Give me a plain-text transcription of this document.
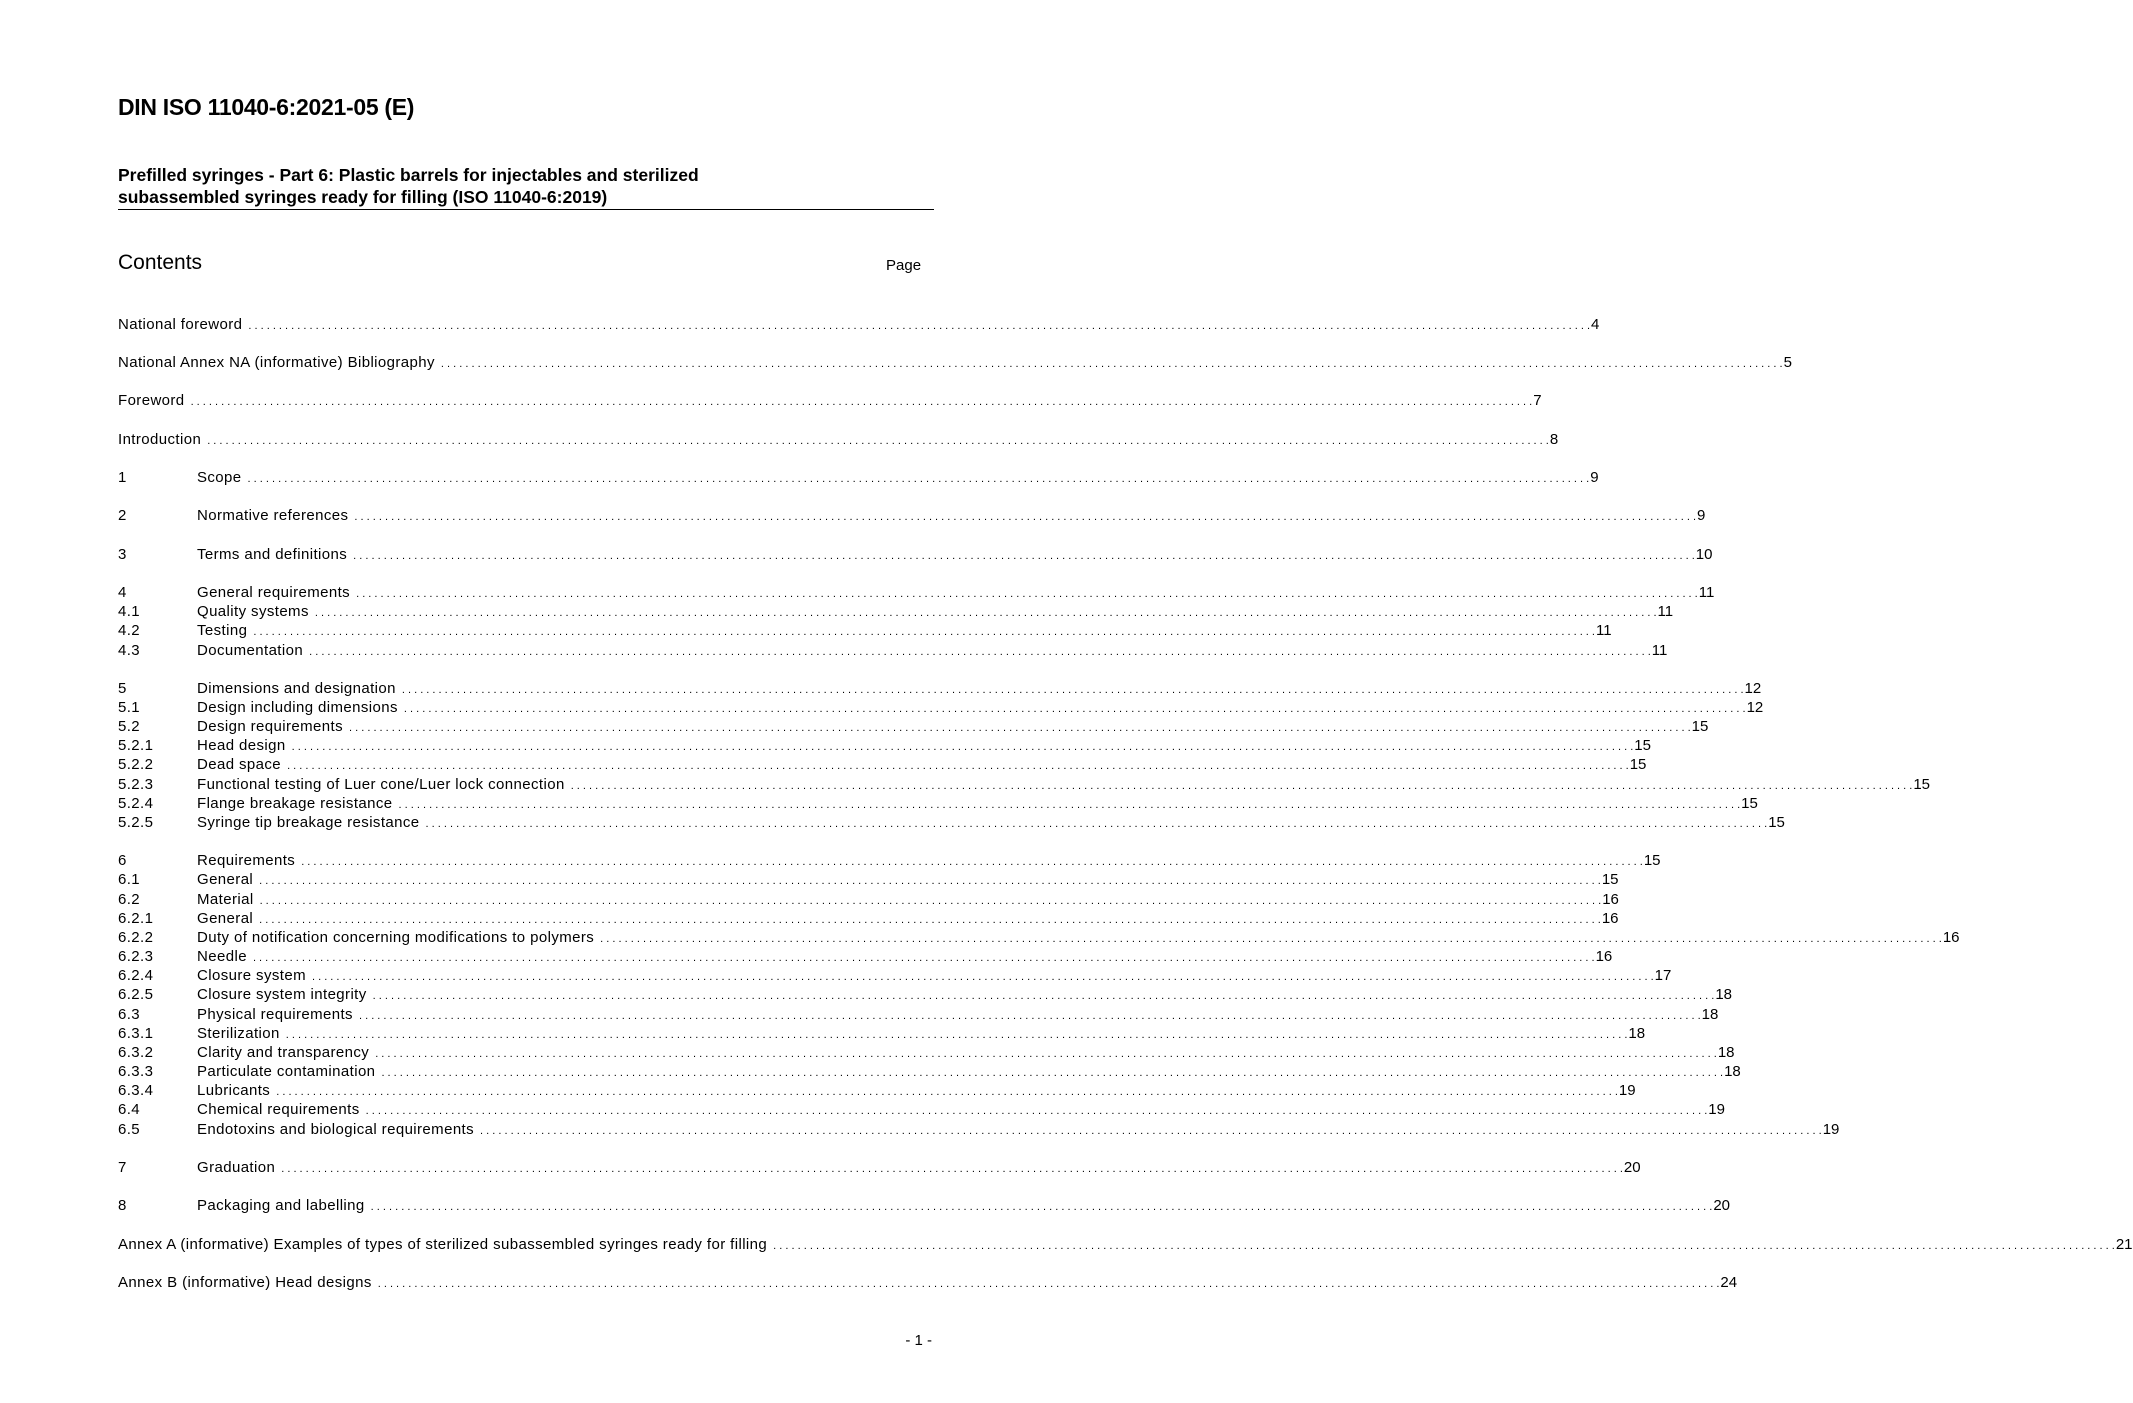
DIN ISO 11040-6:2021-05 (E)
Prefilled syringes - Part 6: Plastic barrels for injectables and sterilized
subassembled syringes ready for filling (ISO 11040-6:2019)
Contents	Page
National foreword . . . . . . . . . . . . . . . . . . . . . . . . . . . . . . . . . . . . . . . . . . . . . . . . . . . . . . . . . . . . . . . . . . . . . . . . . . . . . . . . . . . . . . . . . . . . . . . . . . . . . . . . . . . . . . . . . . . . . . . . . . . . . . . . . . . . . . . . . . . . . . . . . . . . . . . . . . . . . . . . . . . . . . . . . . . . . . . . . . . . . . . . . . . . . . . . . . . . . . . . . . . . . . . . . . . . . . . . . . . . 4
National Annex NA (informative) Bibliography . . . . . . . . . . . . . . . . . . . . . . . . . . . . . . . . . . . . . . . . . . . . . . . . . . . . . . . . . . . . . . . . . . . . . . . . . . . . . . . . . . . . . . . . . . . . . . . . . . . . . . . . . . . . . . . . . . . . . . . . . . . . . . . . . . . . . . . . . . . . . . . . . . . . . . . . . . . . . . . . . . . . . . . . . . . . . . . . . . . . . . . . . . . . . . . . . . . . . . . . . . . . . . . . . . . . . . . . . . . . 5
Foreword . . . . . . . . . . . . . . . . . . . . . . . . . . . . . . . . . . . . . . . . . . . . . . . . . . . . . . . . . . . . . . . . . . . . . . . . . . . . . . . . . . . . . . . . . . . . . . . . . . . . . . . . . . . . . . . . . . . . . . . . . . . . . . . . . . . . . . . . . . . . . . . . . . . . . . . . . . . . . . . . . . . . . . . . . . . . . . . . . . . . . . . . . . . . . . . . . . . . . . . . . . . . . . . . . . . . . . . . . . . . 7
Introduction . . . . . . . . . . . . . . . . . . . . . . . . . . . . . . . . . . . . . . . . . . . . . . . . . . . . . . . . . . . . . . . . . . . . . . . . . . . . . . . . . . . . . . . . . . . . . . . . . . . . . . . . . . . . . . . . . . . . . . . . . . . . . . . . . . . . . . . . . . . . . . . . . . . . . . . . . . . . . . . . . . . . . . . . . . . . . . . . . . . . . . . . . . . . . . . . . . . . . . . . . . . . . . . . . . . . . . . . . . . . 8
1	Scope . . . . . . . . . . . . . . . . . . . . . . . . . . . . . . . . . . . . . . . . . . . . . . . . . . . . . . . . . . . . . . . . . . . . . . . . . . . . . . . . . . . . . . . . . . . . . . . . . . . . . . . . . . . . . . . . . . . . . . . . . . . . . . . . . . . . . . . . . . . . . . . . . . . . . . . . . . . . . . . . . . . . . . . . . . . . . . . . . . . . . . . . . . . . . . . . . . . . . . . . . . . . . . . . . . . . . . . . . . . . 9
2	Normative references . . . . . . . . . . . . . . . . . . . . . . . . . . . . . . . . . . . . . . . . . . . . . . . . . . . . . . . . . . . . . . . . . . . . . . . . . . . . . . . . . . . . . . . . . . . . . . . . . . . . . . . . . . . . . . . . . . . . . . . . . . . . . . . . . . . . . . . . . . . . . . . . . . . . . . . . . . . . . . . . . . . . . . . . . . . . . . . . . . . . . . . . . . . . . . . . . . . . . . . . . . . . . . . . . . . . . . . . . . . . 9
3	Terms and definitions . . . . . . . . . . . . . . . . . . . . . . . . . . . . . . . . . . . . . . . . . . . . . . . . . . . . . . . . . . . . . . . . . . . . . . . . . . . . . . . . . . . . . . . . . . . . . . . . . . . . . . . . . . . . . . . . . . . . . . . . . . . . . . . . . . . . . . . . . . . . . . . . . . . . . . . . . . . . . . . . . . . . . . . . . . . . . . . . . . . . . . . . . . . . . . . . . . . . . . . . . . . . . . . . . . . . . . . . . . . . 10
4	General requirements . . . . . . . . . . . . . . . . . . . . . . . . . . . . . . . . . . . . . . . . . . . . . . . . . . . . . . . . . . . . . . . . . . . . . . . . . . . . . . . . . . . . . . . . . . . . . . . . . . . . . . . . . . . . . . . . . . . . . . . . . . . . . . . . . . . . . . . . . . . . . . . . . . . . . . . . . . . . . . . . . . . . . . . . . . . . . . . . . . . . . . . . . . . . . . . . . . . . . . . . . . . . . . . . . . . . . . . . . . . . 11
4.1	Quality systems . . . . . . . . . . . . . . . . . . . . . . . . . . . . . . . . . . . . . . . . . . . . . . . . . . . . . . . . . . . . . . . . . . . . . . . . . . . . . . . . . . . . . . . . . . . . . . . . . . . . . . . . . . . . . . . . . . . . . . . . . . . . . . . . . . . . . . . . . . . . . . . . . . . . . . . . . . . . . . . . . . . . . . . . . . . . . . . . . . . . . . . . . . . . . . . . . . . . . . . . . . . . . . . . . . . . . . . . . . . . 11
4.2	Testing . . . . . . . . . . . . . . . . . . . . . . . . . . . . . . . . . . . . . . . . . . . . . . . . . . . . . . . . . . . . . . . . . . . . . . . . . . . . . . . . . . . . . . . . . . . . . . . . . . . . . . . . . . . . . . . . . . . . . . . . . . . . . . . . . . . . . . . . . . . . . . . . . . . . . . . . . . . . . . . . . . . . . . . . . . . . . . . . . . . . . . . . . . . . . . . . . . . . . . . . . . . . . . . . . . . . . . . . . . . . 11
4.3	Documentation . . . . . . . . . . . . . . . . . . . . . . . . . . . . . . . . . . . . . . . . . . . . . . . . . . . . . . . . . . . . . . . . . . . . . . . . . . . . . . . . . . . . . . . . . . . . . . . . . . . . . . . . . . . . . . . . . . . . . . . . . . . . . . . . . . . . . . . . . . . . . . . . . . . . . . . . . . . . . . . . . . . . . . . . . . . . . . . . . . . . . . . . . . . . . . . . . . . . . . . . . . . . . . . . . . . . . . . . . . . . 11
5	Dimensions and designation . . . . . . . . . . . . . . . . . . . . . . . . . . . . . . . . . . . . . . . . . . . . . . . . . . . . . . . . . . . . . . . . . . . . . . . . . . . . . . . . . . . . . . . . . . . . . . . . . . . . . . . . . . . . . . . . . . . . . . . . . . . . . . . . . . . . . . . . . . . . . . . . . . . . . . . . . . . . . . . . . . . . . . . . . . . . . . . . . . . . . . . . . . . . . . . . . . . . . . . . . . . . . . . . . . . . . . . . . . . . 12
5.1	Design including dimensions . . . . . . . . . . . . . . . . . . . . . . . . . . . . . . . . . . . . . . . . . . . . . . . . . . . . . . . . . . . . . . . . . . . . . . . . . . . . . . . . . . . . . . . . . . . . . . . . . . . . . . . . . . . . . . . . . . . . . . . . . . . . . . . . . . . . . . . . . . . . . . . . . . . . . . . . . . . . . . . . . . . . . . . . . . . . . . . . . . . . . . . . . . . . . . . . . . . . . . . . . . . . . . . . . . . . . . . . . . . . 12
5.2	Design requirements . . . . . . . . . . . . . . . . . . . . . . . . . . . . . . . . . . . . . . . . . . . . . . . . . . . . . . . . . . . . . . . . . . . . . . . . . . . . . . . . . . . . . . . . . . . . . . . . . . . . . . . . . . . . . . . . . . . . . . . . . . . . . . . . . . . . . . . . . . . . . . . . . . . . . . . . . . . . . . . . . . . . . . . . . . . . . . . . . . . . . . . . . . . . . . . . . . . . . . . . . . . . . . . . . . . . . . . . . . . . 15
5.2.1	Head design . . . . . . . . . . . . . . . . . . . . . . . . . . . . . . . . . . . . . . . . . . . . . . . . . . . . . . . . . . . . . . . . . . . . . . . . . . . . . . . . . . . . . . . . . . . . . . . . . . . . . . . . . . . . . . . . . . . . . . . . . . . . . . . . . . . . . . . . . . . . . . . . . . . . . . . . . . . . . . . . . . . . . . . . . . . . . . . . . . . . . . . . . . . . . . . . . . . . . . . . . . . . . . . . . . . . . . . . . . . . 15
5.2.2	Dead space . . . . . . . . . . . . . . . . . . . . . . . . . . . . . . . . . . . . . . . . . . . . . . . . . . . . . . . . . . . . . . . . . . . . . . . . . . . . . . . . . . . . . . . . . . . . . . . . . . . . . . . . . . . . . . . . . . . . . . . . . . . . . . . . . . . . . . . . . . . . . . . . . . . . . . . . . . . . . . . . . . . . . . . . . . . . . . . . . . . . . . . . . . . . . . . . . . . . . . . . . . . . . . . . . . . . . . . . . . . . 15
5.2.3	Functional testing of Luer cone/Luer lock connection . . . . . . . . . . . . . . . . . . . . . . . . . . . . . . . . . . . . . . . . . . . . . . . . . . . . . . . . . . . . . . . . . . . . . . . . . . . . . . . . . . . . . . . . . . . . . . . . . . . . . . . . . . . . . . . . . . . . . . . . . . . . . . . . . . . . . . . . . . . . . . . . . . . . . . . . . . . . . . . . . . . . . . . . . . . . . . . . . . . . . . . . . . . . . . . . . . . . . . . . . . . . . . . . . . . . . . . . . . . . 15
5.2.4	Flange breakage resistance . . . . . . . . . . . . . . . . . . . . . . . . . . . . . . . . . . . . . . . . . . . . . . . . . . . . . . . . . . . . . . . . . . . . . . . . . . . . . . . . . . . . . . . . . . . . . . . . . . . . . . . . . . . . . . . . . . . . . . . . . . . . . . . . . . . . . . . . . . . . . . . . . . . . . . . . . . . . . . . . . . . . . . . . . . . . . . . . . . . . . . . . . . . . . . . . . . . . . . . . . . . . . . . . . . . . . . . . . . . . 15
5.2.5	Syringe tip breakage resistance . . . . . . . . . . . . . . . . . . . . . . . . . . . . . . . . . . . . . . . . . . . . . . . . . . . . . . . . . . . . . . . . . . . . . . . . . . . . . . . . . . . . . . . . . . . . . . . . . . . . . . . . . . . . . . . . . . . . . . . . . . . . . . . . . . . . . . . . . . . . . . . . . . . . . . . . . . . . . . . . . . . . . . . . . . . . . . . . . . . . . . . . . . . . . . . . . . . . . . . . . . . . . . . . . . . . . . . . . . . . 15
6	Requirements . . . . . . . . . . . . . . . . . . . . . . . . . . . . . . . . . . . . . . . . . . . . . . . . . . . . . . . . . . . . . . . . . . . . . . . . . . . . . . . . . . . . . . . . . . . . . . . . . . . . . . . . . . . . . . . . . . . . . . . . . . . . . . . . . . . . . . . . . . . . . . . . . . . . . . . . . . . . . . . . . . . . . . . . . . . . . . . . . . . . . . . . . . . . . . . . . . . . . . . . . . . . . . . . . . . . . . . . . . . . 15
6.1	General . . . . . . . . . . . . . . . . . . . . . . . . . . . . . . . . . . . . . . . . . . . . . . . . . . . . . . . . . . . . . . . . . . . . . . . . . . . . . . . . . . . . . . . . . . . . . . . . . . . . . . . . . . . . . . . . . . . . . . . . . . . . . . . . . . . . . . . . . . . . . . . . . . . . . . . . . . . . . . . . . . . . . . . . . . . . . . . . . . . . . . . . . . . . . . . . . . . . . . . . . . . . . . . . . . . . . . . . . . . . 15
6.2	Material . . . . . . . . . . . . . . . . . . . . . . . . . . . . . . . . . . . . . . . . . . . . . . . . . . . . . . . . . . . . . . . . . . . . . . . . . . . . . . . . . . . . . . . . . . . . . . . . . . . . . . . . . . . . . . . . . . . . . . . . . . . . . . . . . . . . . . . . . . . . . . . . . . . . . . . . . . . . . . . . . . . . . . . . . . . . . . . . . . . . . . . . . . . . . . . . . . . . . . . . . . . . . . . . . . . . . . . . . . . . 16
6.2.1	General . . . . . . . . . . . . . . . . . . . . . . . . . . . . . . . . . . . . . . . . . . . . . . . . . . . . . . . . . . . . . . . . . . . . . . . . . . . . . . . . . . . . . . . . . . . . . . . . . . . . . . . . . . . . . . . . . . . . . . . . . . . . . . . . . . . . . . . . . . . . . . . . . . . . . . . . . . . . . . . . . . . . . . . . . . . . . . . . . . . . . . . . . . . . . . . . . . . . . . . . . . . . . . . . . . . . . . . . . . . . 16
6.2.2	Duty of notification concerning modifications to polymers . . . . . . . . . . . . . . . . . . . . . . . . . . . . . . . . . . . . . . . . . . . . . . . . . . . . . . . . . . . . . . . . . . . . . . . . . . . . . . . . . . . . . . . . . . . . . . . . . . . . . . . . . . . . . . . . . . . . . . . . . . . . . . . . . . . . . . . . . . . . . . . . . . . . . . . . . . . . . . . . . . . . . . . . . . . . . . . . . . . . . . . . . . . . . . . . . . . . . . . . . . . . . . . . . . . . . . . . . . . . 16
6.2.3	Needle . . . . . . . . . . . . . . . . . . . . . . . . . . . . . . . . . . . . . . . . . . . . . . . . . . . . . . . . . . . . . . . . . . . . . . . . . . . . . . . . . . . . . . . . . . . . . . . . . . . . . . . . . . . . . . . . . . . . . . . . . . . . . . . . . . . . . . . . . . . . . . . . . . . . . . . . . . . . . . . . . . . . . . . . . . . . . . . . . . . . . . . . . . . . . . . . . . . . . . . . . . . . . . . . . . . . . . . . . . . . 16
6.2.4	Closure system . . . . . . . . . . . . . . . . . . . . . . . . . . . . . . . . . . . . . . . . . . . . . . . . . . . . . . . . . . . . . . . . . . . . . . . . . . . . . . . . . . . . . . . . . . . . . . . . . . . . . . . . . . . . . . . . . . . . . . . . . . . . . . . . . . . . . . . . . . . . . . . . . . . . . . . . . . . . . . . . . . . . . . . . . . . . . . . . . . . . . . . . . . . . . . . . . . . . . . . . . . . . . . . . . . . . . . . . . . . . 17
6.2.5	Closure system integrity . . . . . . . . . . . . . . . . . . . . . . . . . . . . . . . . . . . . . . . . . . . . . . . . . . . . . . . . . . . . . . . . . . . . . . . . . . . . . . . . . . . . . . . . . . . . . . . . . . . . . . . . . . . . . . . . . . . . . . . . . . . . . . . . . . . . . . . . . . . . . . . . . . . . . . . . . . . . . . . . . . . . . . . . . . . . . . . . . . . . . . . . . . . . . . . . . . . . . . . . . . . . . . . . . . . . . . . . . . . . 18
6.3	Physical requirements . . . . . . . . . . . . . . . . . . . . . . . . . . . . . . . . . . . . . . . . . . . . . . . . . . . . . . . . . . . . . . . . . . . . . . . . . . . . . . . . . . . . . . . . . . . . . . . . . . . . . . . . . . . . . . . . . . . . . . . . . . . . . . . . . . . . . . . . . . . . . . . . . . . . . . . . . . . . . . . . . . . . . . . . . . . . . . . . . . . . . . . . . . . . . . . . . . . . . . . . . . . . . . . . . . . . . . . . . . . . 18
6.3.1	Sterilization . . . . . . . . . . . . . . . . . . . . . . . . . . . . . . . . . . . . . . . . . . . . . . . . . . . . . . . . . . . . . . . . . . . . . . . . . . . . . . . . . . . . . . . . . . . . . . . . . . . . . . . . . . . . . . . . . . . . . . . . . . . . . . . . . . . . . . . . . . . . . . . . . . . . . . . . . . . . . . . . . . . . . . . . . . . . . . . . . . . . . . . . . . . . . . . . . . . . . . . . . . . . . . . . . . . . . . . . . . . . 18
6.3.2	Clarity and transparency . . . . . . . . . . . . . . . . . . . . . . . . . . . . . . . . . . . . . . . . . . . . . . . . . . . . . . . . . . . . . . . . . . . . . . . . . . . . . . . . . . . . . . . . . . . . . . . . . . . . . . . . . . . . . . . . . . . . . . . . . . . . . . . . . . . . . . . . . . . . . . . . . . . . . . . . . . . . . . . . . . . . . . . . . . . . . . . . . . . . . . . . . . . . . . . . . . . . . . . . . . . . . . . . . . . . . . . . . . . . 18
6.3.3	Particulate contamination . . . . . . . . . . . . . . . . . . . . . . . . . . . . . . . . . . . . . . . . . . . . . . . . . . . . . . . . . . . . . . . . . . . . . . . . . . . . . . . . . . . . . . . . . . . . . . . . . . . . . . . . . . . . . . . . . . . . . . . . . . . . . . . . . . . . . . . . . . . . . . . . . . . . . . . . . . . . . . . . . . . . . . . . . . . . . . . . . . . . . . . . . . . . . . . . . . . . . . . . . . . . . . . . . . . . . . . . . . . . 18
6.3.4	Lubricants . . . . . . . . . . . . . . . . . . . . . . . . . . . . . . . . . . . . . . . . . . . . . . . . . . . . . . . . . . . . . . . . . . . . . . . . . . . . . . . . . . . . . . . . . . . . . . . . . . . . . . . . . . . . . . . . . . . . . . . . . . . . . . . . . . . . . . . . . . . . . . . . . . . . . . . . . . . . . . . . . . . . . . . . . . . . . . . . . . . . . . . . . . . . . . . . . . . . . . . . . . . . . . . . . . . . . . . . . . . . 19
6.4	Chemical requirements . . . . . . . . . . . . . . . . . . . . . . . . . . . . . . . . . . . . . . . . . . . . . . . . . . . . . . . . . . . . . . . . . . . . . . . . . . . . . . . . . . . . . . . . . . . . . . . . . . . . . . . . . . . . . . . . . . . . . . . . . . . . . . . . . . . . . . . . . . . . . . . . . . . . . . . . . . . . . . . . . . . . . . . . . . . . . . . . . . . . . . . . . . . . . . . . . . . . . . . . . . . . . . . . . . . . . . . . . . . . 19
6.5	Endotoxins and biological requirements . . . . . . . . . . . . . . . . . . . . . . . . . . . . . . . . . . . . . . . . . . . . . . . . . . . . . . . . . . . . . . . . . . . . . . . . . . . . . . . . . . . . . . . . . . . . . . . . . . . . . . . . . . . . . . . . . . . . . . . . . . . . . . . . . . . . . . . . . . . . . . . . . . . . . . . . . . . . . . . . . . . . . . . . . . . . . . . . . . . . . . . . . . . . . . . . . . . . . . . . . . . . . . . . . . . . . . . . . . . . 19
7	Graduation . . . . . . . . . . . . . . . . . . . . . . . . . . . . . . . . . . . . . . . . . . . . . . . . . . . . . . . . . . . . . . . . . . . . . . . . . . . . . . . . . . . . . . . . . . . . . . . . . . . . . . . . . . . . . . . . . . . . . . . . . . . . . . . . . . . . . . . . . . . . . . . . . . . . . . . . . . . . . . . . . . . . . . . . . . . . . . . . . . . . . . . . . . . . . . . . . . . . . . . . . . . . . . . . . . . . . . . . . . . . 20
8	Packaging and labelling . . . . . . . . . . . . . . . . . . . . . . . . . . . . . . . . . . . . . . . . . . . . . . . . . . . . . . . . . . . . . . . . . . . . . . . . . . . . . . . . . . . . . . . . . . . . . . . . . . . . . . . . . . . . . . . . . . . . . . . . . . . . . . . . . . . . . . . . . . . . . . . . . . . . . . . . . . . . . . . . . . . . . . . . . . . . . . . . . . . . . . . . . . . . . . . . . . . . . . . . . . . . . . . . . . . . . . . . . . . . 20
Annex A (informative) Examples of types of sterilized subassembled syringes ready for filling . . . . . . . . . . . . . . . . . . . . . . . . . . . . . . . . . . . . . . . . . . . . . . . . . . . . . . . . . . . . . . . . . . . . . . . . . . . . . . . . . . . . . . . . . . . . . . . . . . . . . . . . . . . . . . . . . . . . . . . . . . . . . . . . . . . . . . . . . . . . . . . . . . . . . . . . . . . . . . . . . . . . . . . . . . . . . . . . . . . . . . . . . . . . . . . . . . . . . . . . . . . . . . . . . . . . . . . . . . . . 21
Annex B (informative) Head designs . . . . . . . . . . . . . . . . . . . . . . . . . . . . . . . . . . . . . . . . . . . . . . . . . . . . . . . . . . . . . . . . . . . . . . . . . . . . . . . . . . . . . . . . . . . . . . . . . . . . . . . . . . . . . . . . . . . . . . . . . . . . . . . . . . . . . . . . . . . . . . . . . . . . . . . . . . . . . . . . . . . . . . . . . . . . . . . . . . . . . . . . . . . . . . . . . . . . . . . . . . . . . . . . . . . . . . . . . . . . 24
- 1 -
